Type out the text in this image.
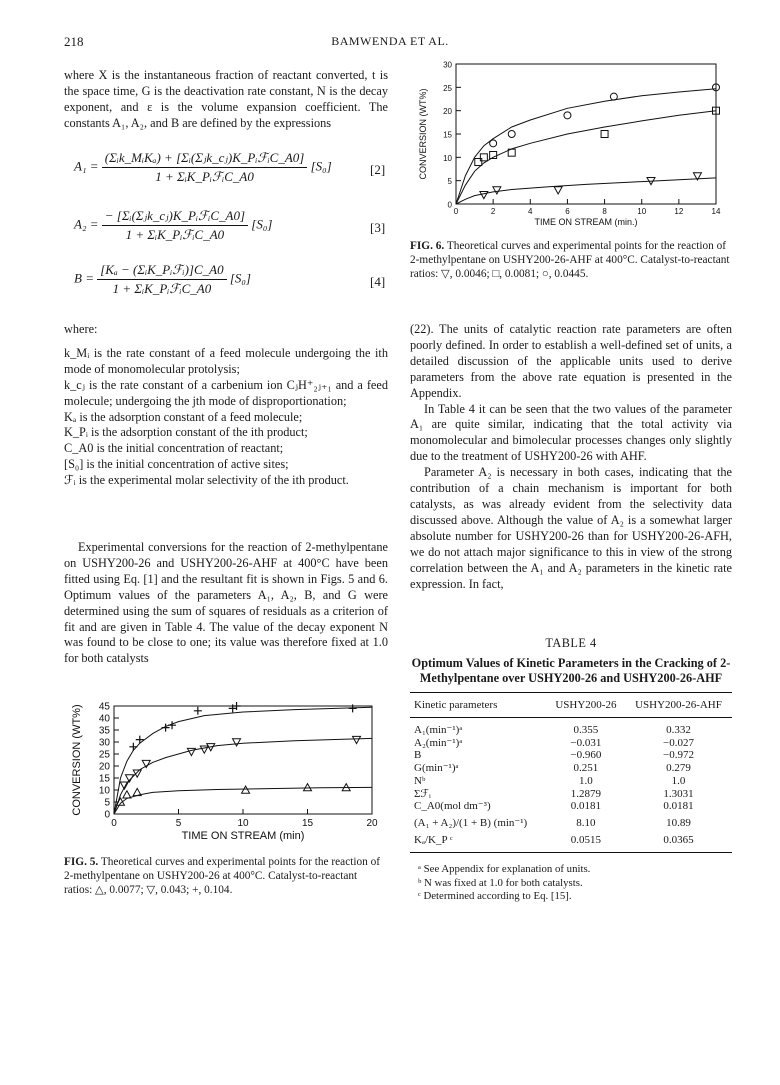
218	BAMWENDA ET AL.

where X is the instantaneous fraction of reactant converted, t is the space time, G is the deactivation rate constant, N is the decay exponent, and ε is the volume expansion coefficient. The constants A₁, A₂, and B are defined by the expressions

$A_1 = \frac{\text{(Σᵢk\_MᵢKₐ) + [Σᵢ(Σⱼk\_cⱼ)K\_PᵢℱᵢC\_A0]}}{\text{1 + ΣᵢK\_PᵢℱᵢC\_A0}} [S_0]$	[2]
$A_2 = \frac{\text{− [Σᵢ(Σⱼk\_cⱼ)K\_PᵢℱᵢC\_A0]}}{\text{1 + ΣᵢK\_PᵢℱᵢC\_A0}} [S_0]$	[3]
$B = \frac{\text{[Kₐ − (ΣᵢK\_Pᵢℱᵢ)]C\_A0}}{\text{1 + ΣᵢK\_PᵢℱᵢC\_A0}} [S_0]$	[4]

where:

k_Mᵢ is the rate constant of a feed molecule undergoing the ith mode of monomolecular protolysis;

k_cⱼ is the rate constant of a carbenium ion CⱼH⁺₂ⱼ₊₁ and a feed molecule; undergoing the jth mode of disproportionation;

Kₐ is the adsorption constant of a feed molecule;

K_Pᵢ is the adsorption constant of the ith product;

C_A0 is the initial concentration of reactant;

[S₀] is the initial concentration of active sites;

ℱᵢ is the experimental molar selectivity of the ith product.

Experimental conversions for the reaction of 2-methylpentane on USHY200-26 and USHY200-26-AHF at 400°C have been fitted using Eq. [1] and the resultant fit is shown in Figs. 5 and 6. Optimum values of the parameters A₁, A₂, B, and G were determined using the sum of squares of residuals as a criterion of fit and are given in Table 4. The value of the decay exponent N was found to be close to one; its value was therefore fixed at 1.0 for both catalysts

0
5
10
15
20
25
30
35
40
45
0	5	10	15	20
TIME ON STREAM (min)
CONVERSION (WT%)
FIG. 5. Theoretical curves and experimental points for the reaction of 2-methylpentane on USHY200-26 at 400°C. Catalyst-to-reactant ratios: △, 0.0077; ▽, 0.043; +, 0.104.
0
5
10
15
20
25
30
0	2	4	6	8	10	12	14
TIME ON STREAM (min.)
CONVERSION (WT%)
FIG. 6. Theoretical curves and experimental points for the reaction of 2-methylpentane on USHY200-26-AHF at 400°C. Catalyst-to-reactant ratios: ▽, 0.0046; □, 0.0081; ○, 0.0445.

(22). The units of catalytic reaction rate parameters are often poorly defined. In order to establish a well-defined set of units, a detailed discussion of the applicable units used to derive parameters from the above rate equation is presented in the Appendix.

In Table 4 it can be seen that the two values of the parameter A₁ are quite similar, indicating that the total activity via monomolecular and bimolecular processes changes only slightly due to the treatment of USHY200-26 with AHF.

Parameter A₂ is necessary in both cases, indicating that the contribution of a chain mechanism is important for both catalysts, as was already evident from the selectivity data discussed above. Although the value of A₂ is a somewhat larger absolute number for USHY200-26 than for USHY200-26-AFH, we do not attach major significance to this in view of the strong correlation between the A₁ and A₂ parameters in the kinetic rate expression. In fact,

TABLE 4
Optimum Values of Kinetic Parameters in the Cracking of 2-Methylpentane over USHY200-26 and USHY200-26-AHF
Kinetic parameters	USHY200-26	USHY200-26-AHF
A₁(min⁻¹)ᵃ	0.355	0.332
A₂(min⁻¹)ᵃ	−0.031	−0.027
B	−0.960	−0.972
G(min⁻¹)ᵃ	0.251	0.279
Nᵇ	1.0	1.0
Σℱᵢ	1.2879	1.3031
C_A0(mol dm⁻³)	0.0181	0.0181
(A₁ + A₂)/(1 + B) (min⁻¹)	8.10	10.89
Kₐ/K_P ᶜ	0.0515	0.0365
ᵃ See Appendix for explanation of units.
ᵇ N was fixed at 1.0 for both catalysts.
ᶜ Determined according to Eq. [15].
